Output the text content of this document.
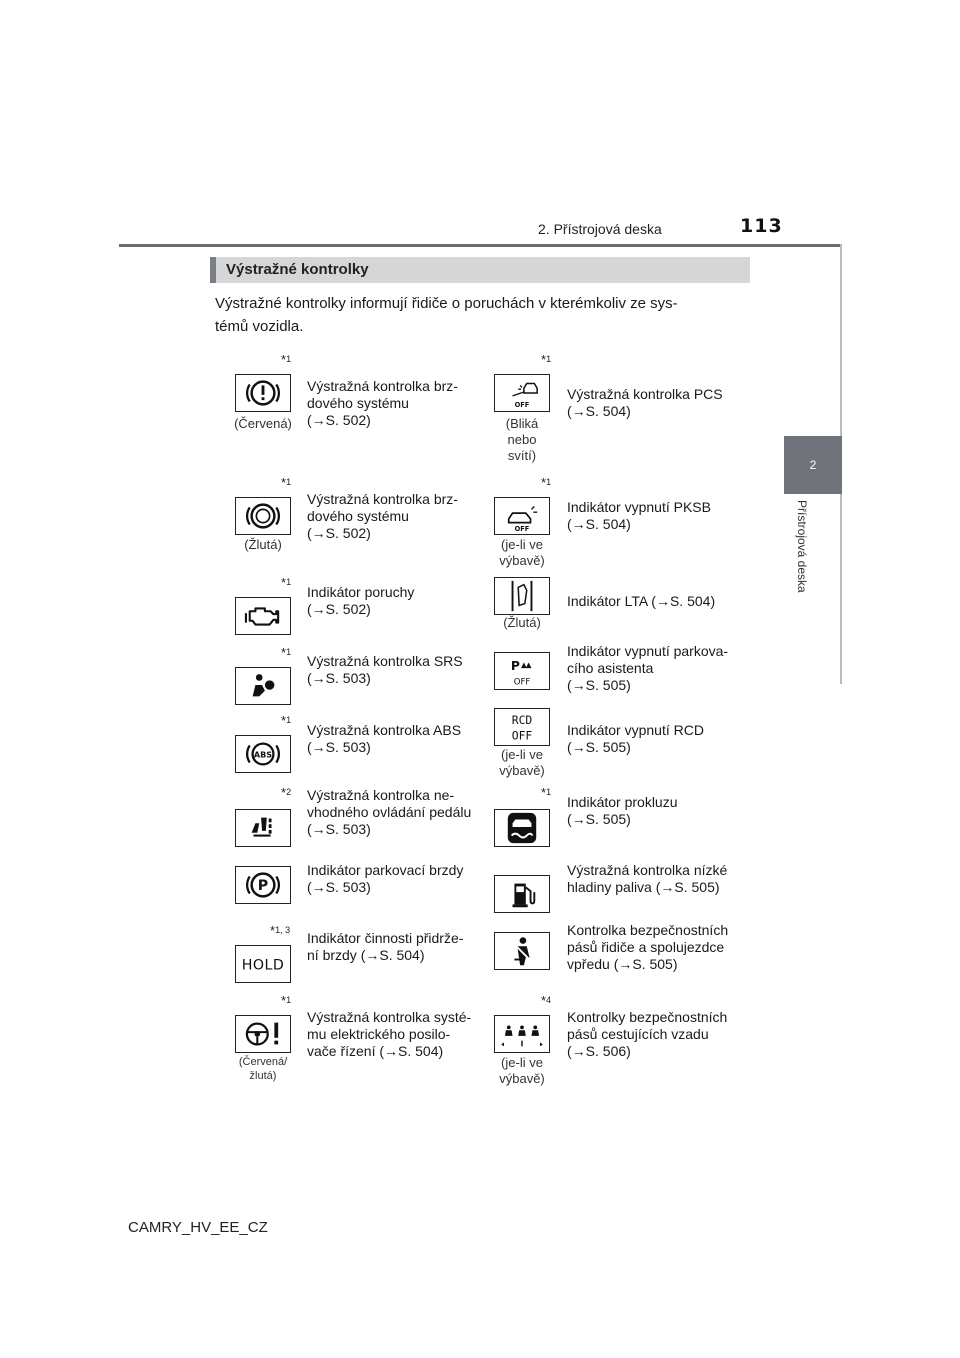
2. Přístrojová deska	113
2
Přístrojová deska
Výstražné kontrolky
Výstražné kontrolky informují řidiče o poruchách v kterémkoliv ze sys-
témů vozidla.
$*_1$
(Červená)
Výstražná kontrolka brz-
dového systému
(→S. 502)
$*_1$
(Žlutá)
Výstražná kontrolka brz-
dového systému
(→S. 502)
$*_1$
Indikátor poruchy
(→S. 502)
$*_1$
Výstražná kontrolka SRS
(→S. 503)
$*_1$
ABS
Výstražná kontrolka ABS
(→S. 503)
$*_2$ Výstražná kontrolka ne-
vhodného ovládání pedálu
(→S. 503)
P
Indikátor parkovací brzdy
(→S. 503)
$*_{1, 3}$
HOLD
Indikátor činnosti přidrže-
ní brzdy (→S. 504)
$*_1$
(Červená/
žlutá)
Výstražná kontrolka systé-
mu elektrického posilo-
vače řízení (→S. 504)
$*_1$
OFF
(Bliká
nebo
svítí)
Výstražná kontrolka PCS
(→S. 504)
$*_1$
OFF
(je-li ve
výbavě)
Indikátor vypnutí PKSB
(→S. 504)
(Žlutá)
Indikátor LTA (→S. 504)
P
OFF
Indikátor vypnutí parkova-
cího asistenta
(→S. 505)
RCD
OFF
(je-li ve
výbavě)
Indikátor vypnutí RCD
(→S. 505)
$*_1$
Indikátor prokluzu
(→S. 505)
Výstražná kontrolka nízké
hladiny paliva (→S. 505)
Kontrolka bezpečnostních
pásů řidiče a spolujezdce
vpředu (→S. 505)
$*_4$
(je-li ve
výbavě)
Kontrolky bezpečnostních
pásů cestujících vzadu
(→S. 506)
CAMRY_HV_EE_CZ
